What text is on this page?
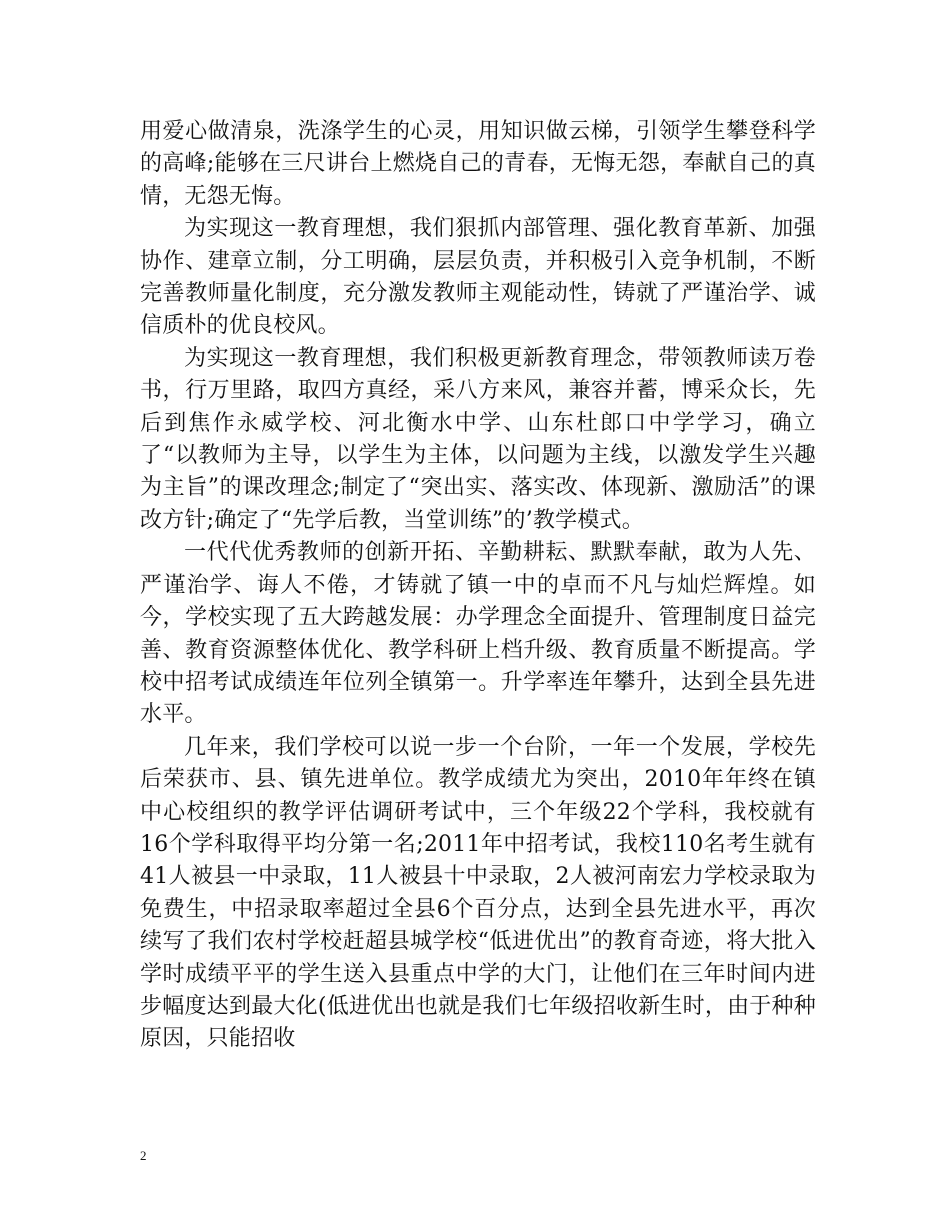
用爱心做清泉，洗涤学生的心灵，用知识做云梯，引领学生攀登科学的高峰;能够在三尺讲台上燃烧自己的青春，无悔无怨，奉献自己的真情，无怨无悔。

为实现这一教育理想，我们狠抓内部管理、强化教育革新、加强协作、建章立制，分工明确，层层负责，并积极引入竞争机制，不断完善教师量化制度，充分激发教师主观能动性，铸就了严谨治学、诚信质朴的优良校风。

为实现这一教育理想，我们积极更新教育理念，带领教师读万卷书，行万里路，取四方真经，采八方来风，兼容并蓄，博采众长，先后到焦作永威学校、河北衡水中学、山东杜郎口中学学习，确立了“以教师为主导，以学生为主体，以问题为主线，以激发学生兴趣为主旨”的课改理念;制定了“突出实、落实改、体现新、激励活”的课改方针;确定了“先学后教，当堂训练”的’教学模式。

一代代优秀教师的创新开拓、辛勤耕耘、默默奉献，敢为人先、严谨治学、诲人不倦，才铸就了镇一中的卓而不凡与灿烂辉煌。如今，学校实现了五大跨越发展：办学理念全面提升、管理制度日益完善、教育资源整体优化、教学科研上档升级、教育质量不断提高。学校中招考试成绩连年位列全镇第一。升学率连年攀升，达到全县先进水平。

几年来，我们学校可以说一步一个台阶，一年一个发展，学校先后荣获市、县、镇先进单位。教学成绩尤为突出，2010年年终在镇中心校组织的教学评估调研考试中，三个年级22个学科，我校就有16个学科取得平均分第一名;2011年中招考试，我校110名考生就有41人被县一中录取，11人被县十中录取，2人被河南宏力学校录取为免费生，中招录取率超过全县6个百分点，达到全县先进水平，再次续写了我们农村学校赶超县城学校“低进优出”的教育奇迹，将大批入学时成绩平平的学生送入县重点中学的大门，让他们在三年时间内进步幅度达到最大化(低进优出也就是我们七年级招收新生时，由于种种原因，只能招收

2
